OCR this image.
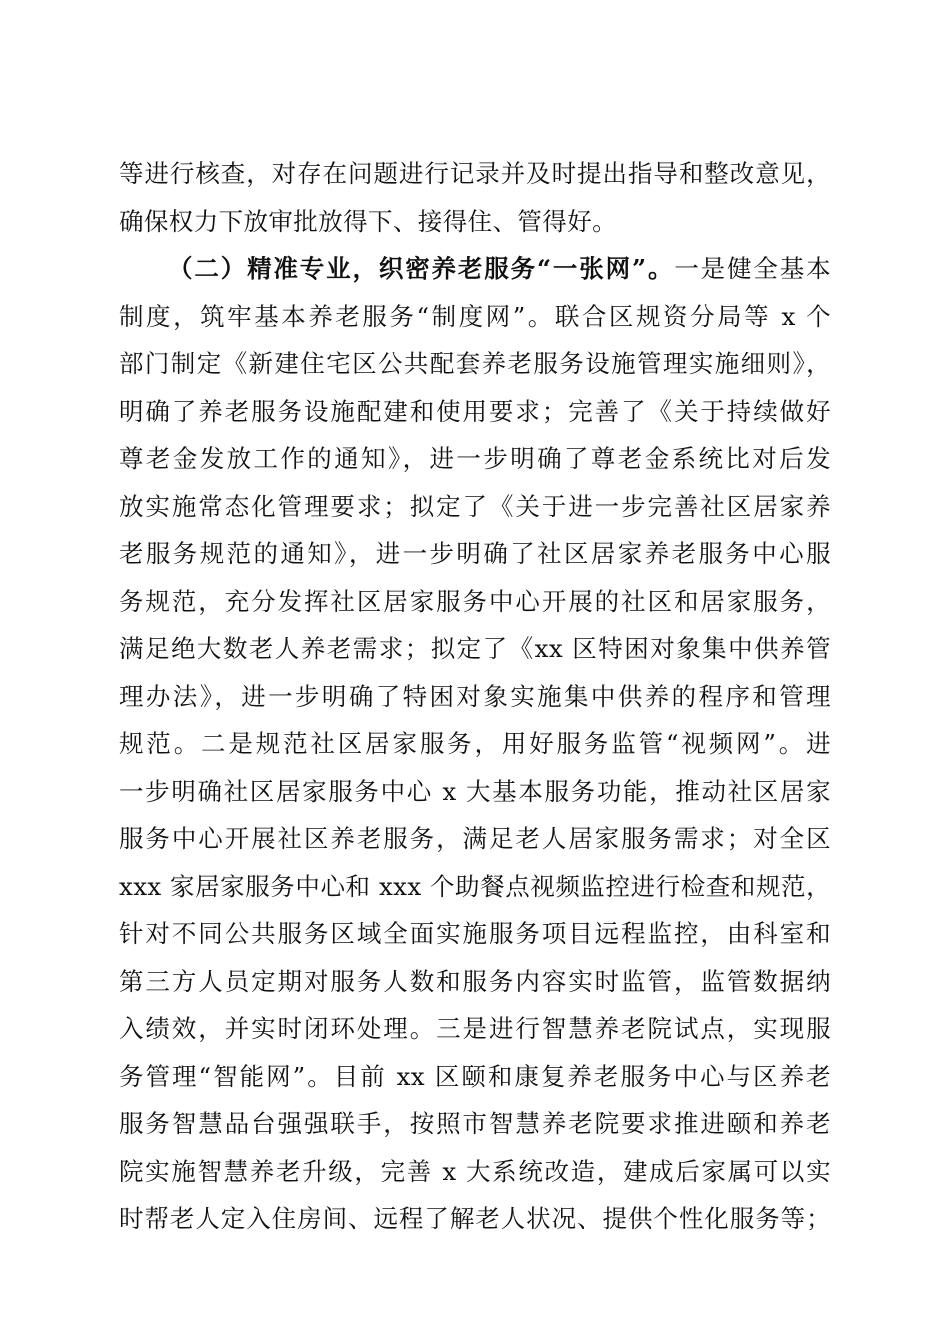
等进行核查，对存在问题进行记录并及时提出指导和整改意见，
确保权力下放审批放得下、接得住、管得好。
（二）精准专业，织密养老服务“一张网”。一是健全基本
制度，筑牢基本养老服务“制度网”。联合区规资分局等 x 个
部门制定《新建住宅区公共配套养老服务设施管理实施细则》，
明确了养老服务设施配建和使用要求；完善了《关于持续做好
尊老金发放工作的通知》，进一步明确了尊老金系统比对后发
放实施常态化管理要求；拟定了《关于进一步完善社区居家养
老服务规范的通知》，进一步明确了社区居家养老服务中心服
务规范，充分发挥社区居家服务中心开展的社区和居家服务，
满足绝大数老人养老需求；拟定了《xx 区特困对象集中供养管
理办法》，进一步明确了特困对象实施集中供养的程序和管理
规范。二是规范社区居家服务，用好服务监管“视频网”。进
一步明确社区居家服务中心 x 大基本服务功能，推动社区居家
服务中心开展社区养老服务，满足老人居家服务需求；对全区
xxx 家居家服务中心和 xxx 个助餐点视频监控进行检查和规范，
针对不同公共服务区域全面实施服务项目远程监控，由科室和
第三方人员定期对服务人数和服务内容实时监管，监管数据纳
入绩效，并实时闭环处理。三是进行智慧养老院试点，实现服
务管理“智能网”。目前 xx 区颐和康复养老服务中心与区养老
服务智慧品台强强联手，按照市智慧养老院要求推进颐和养老
院实施智慧养老升级，完善 x 大系统改造，建成后家属可以实
时帮老人定入住房间、远程了解老人状况、提供个性化服务等；
